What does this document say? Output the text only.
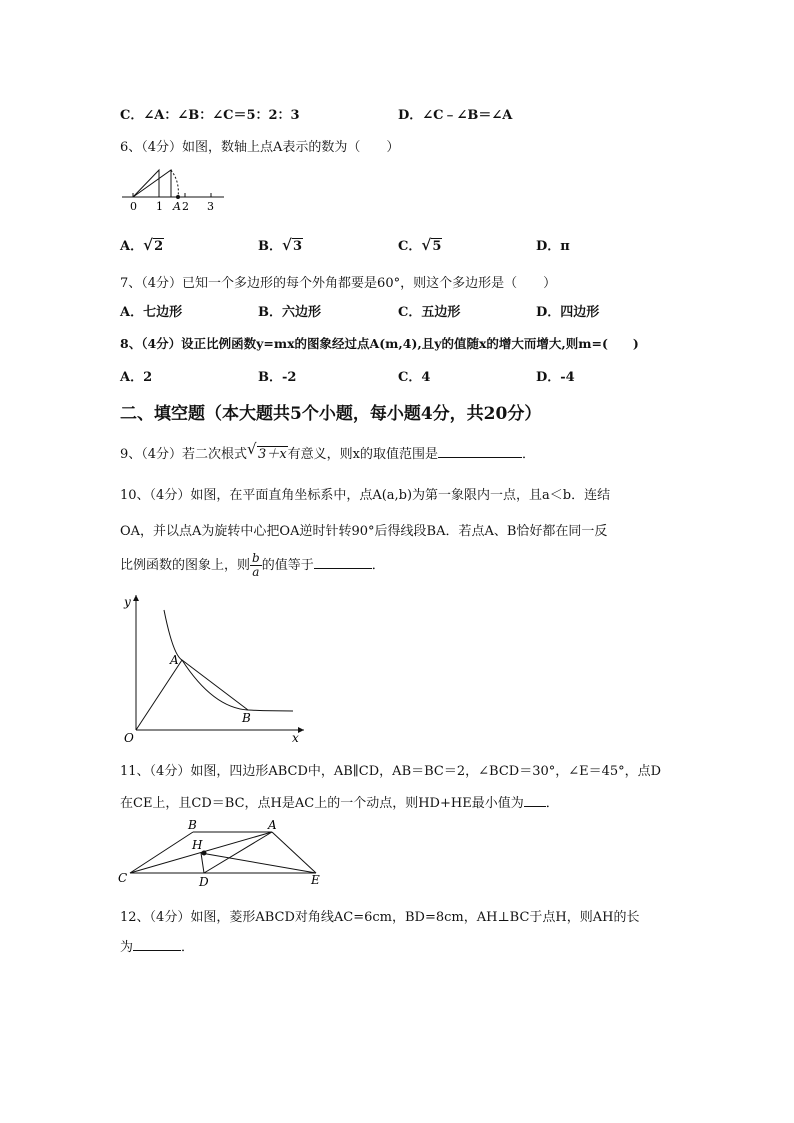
C．∠A：∠B：∠C＝5：2：3	D．∠C﹣∠B＝∠A
6、（4分）如图，数轴上点A表示的数为（　　）
0 1 A 2 3
A． √ 2	B． √ 3	C． √ 5	D．π
7、（4分）已知一个多边形的每个外角都要是60°，则这个多边形是（　　）
A．七边形	B．六边形	C．五边形	D．四边形
8、（4分）设正比例函数y=mx的图象经过点A(m,4),且y的值随x的增大而增大,则m=(　　)
A．2	B．-2	C．4	D．-4
二、填空题（本大题共5个小题，每小题4分，共20分）
9、（4分）若二次根式 √ 3＋x有意义，则x的取值范围是	．
10、（4分）如图，在平面直角坐标系中，点A(a,b)为第一象限内一点，且a＜b．连结
OA，并以点A为旋转中心把OA逆时针转90°后得线段BA．若点A、B恰好都在同一反
比例函数的图象上，则 $\frac{b}{a}$ 的值等于	．
y
A
B
O	x
11、（4分）如图，四边形ABCD中，AB∥CD，AB＝BC＝2，∠BCD＝30°，∠E＝45°，点D
在CE上，且CD＝BC，点H是AC上的一个动点，则HD+HE最小值为 ．
B	A
H
C	D	E
12、（4分）如图，菱形ABCD对角线AC=6cm，BD=8cm，AH⊥BC于点H，则AH的长
为	．
